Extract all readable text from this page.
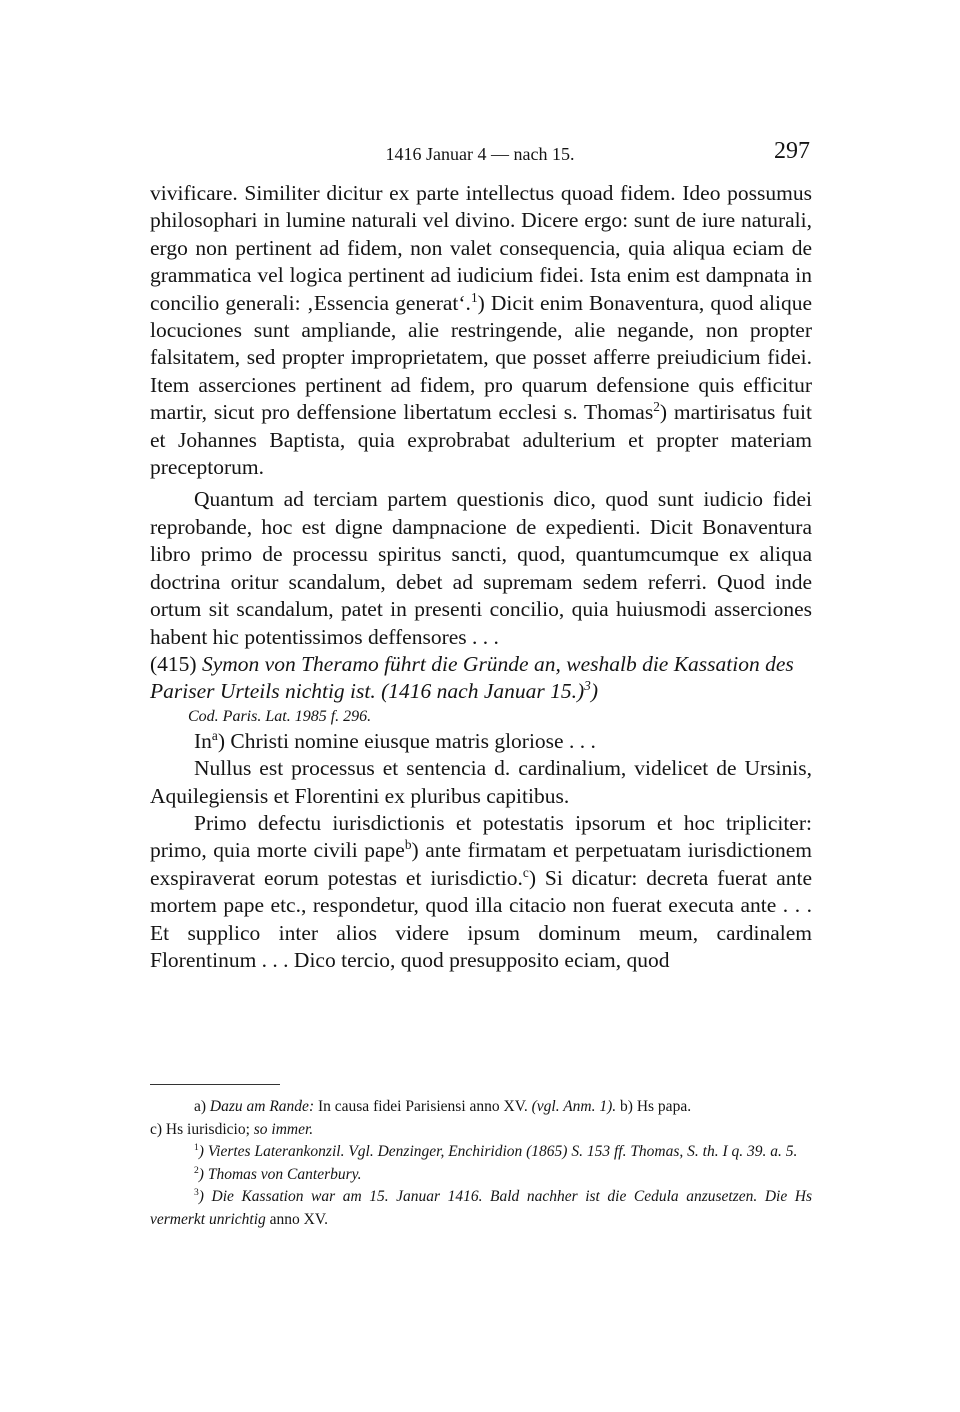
1416 Januar 4 — nach 15.	297

vivificare. Similiter dicitur ex parte intellectus quoad fidem. Ideo possumus philosophari in lumine naturali vel divino. Dicere ergo: sunt de iure naturali, ergo non pertinent ad fidem, non valet consequencia, quia aliqua eciam de grammatica vel logica pertinent ad iudicium fidei. Ista enim est dampnata in concilio generali: ‚Essencia generat‘.$^1$) Dicit enim Bonaventura, quod alique locuciones sunt ampliande, alie restringende, alie negande, non propter falsitatem, sed propter improprietatem, que posset afferre preiudicium fidei. Item asserciones pertinent ad fidem, pro quarum defensione quis efficitur martir, sicut pro deffensione libertatum ecclesi s. Thomas$^2$) martirisatus fuit et Johannes Baptista, quia exprobrabat adulterium et propter materiam preceptorum.

Quantum ad terciam partem questionis dico, quod sunt iudicio fidei reprobande, hoc est digne dampnacione de expedienti. Dicit Bonaventura libro primo de processu spiritus sancti, quod, quantumcumque ex aliqua doctrina oritur scandalum, debet ad supremam sedem referri. Quod inde ortum sit scandalum, patet in presenti concilio, quia huiusmodi asserciones habent hic potentissimos deffensores . . .

(415) Symon von Theramo führt die Gründe an, weshalb die Kassation des Pariser Urteils nichtig ist. (1416 nach Januar 15.)$^3$)

Cod. Paris. Lat. 1985 f. 296.

In$^a$) Christi nomine eiusque matris gloriose . . .

Nullus est processus et sentencia d. cardinalium, videlicet de Ursinis, Aquilegiensis et Florentini ex pluribus capitibus.

Primo defectu iurisdictionis et potestatis ipsorum et hoc tripliciter: primo, quia morte civili pape$^b$) ante firmatam et perpetuatam iurisdictionem exspiraverat eorum potestas et iurisdictio.$^c$) Si dicatur: decreta fuerat ante mortem pape etc., respondetur, quod illa citacio non fuerat executa ante . . . Et supplico inter alios videre ipsum dominum meum, cardinalem Florentinum . . . Dico tercio, quod presupposito eciam, quod

a) Dazu am Rande: In causa fidei Parisiensi anno XV. (vgl. Anm. 1). b) Hs papa.

c) Hs iurisdicio; so immer.

$^1$) Viertes Laterankonzil. Vgl. Denzinger, Enchiridion (1865) S. 153 ff. Thomas, S. th. I q. 39. a. 5.

$^2$) Thomas von Canterbury.

$^3$) Die Kassation war am 15. Januar 1416. Bald nachher ist die Cedula anzusetzen. Die Hs vermerkt unrichtig anno XV.
